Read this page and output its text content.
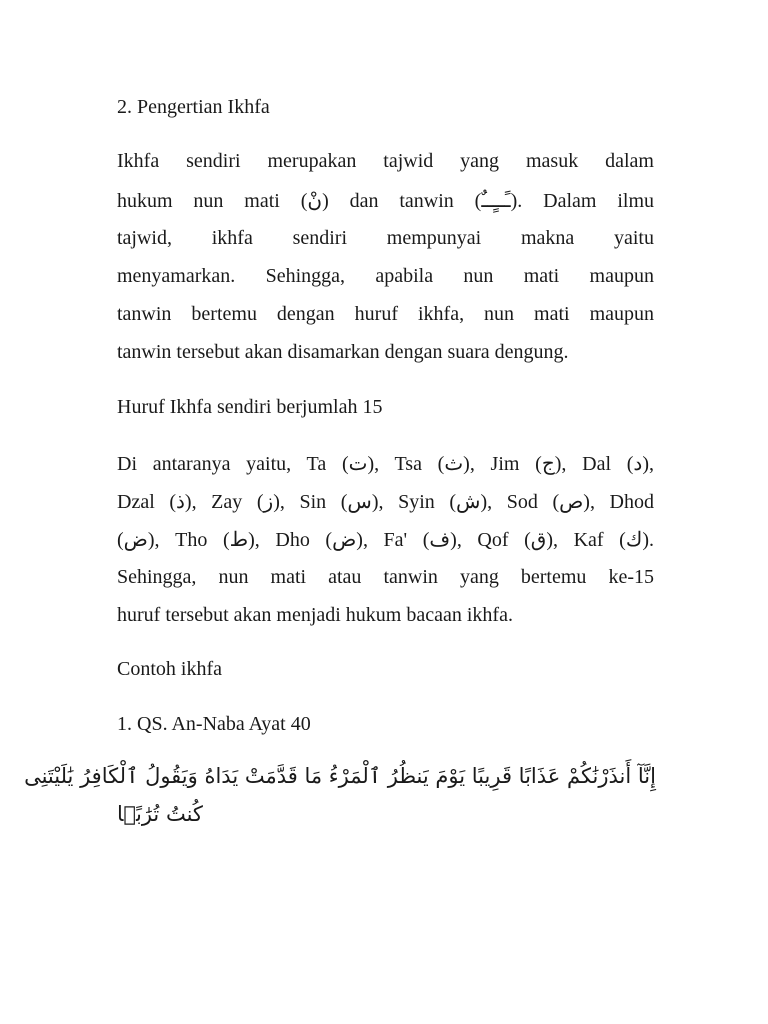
2. Pengertian Ikhfa
Ikhfa sendiri merupakan tajwid yang masuk dalam
hukum nun mati (نْ) dan tanwin (ـًــٍــٌ). Dalam ilmu
tajwid, ikhfa sendiri mempunyai makna yaitu
menyamarkan. Sehingga, apabila nun mati maupun
tanwin bertemu dengan huruf ikhfa, nun mati maupun
tanwin tersebut akan disamarkan dengan suara dengung.
Huruf Ikhfa sendiri berjumlah 15
Di antaranya yaitu, Ta (ت), Tsa (ث), Jim (ج), Dal (د),
Dzal (ذ), Zay (ز), Sin (س), Syin (ش), Sod (ص), Dhod
(ض), Tho (ط), Dho (ض), Fa' (ف), Qof (ق), Kaf (ك).
Sehingga, nun mati atau tanwin yang bertemu ke-15
huruf tersebut akan menjadi hukum bacaan ikhfa.
Contoh ikhfa
1. QS. An-Naba Ayat 40
إِنَّآ أَنذَرْنَٰكُمْ عَذَابًا قَرِيبًا يَوْمَ يَنظُرُ ٱلْمَرْءُ مَا قَدَّمَتْ يَدَاهُ وَيَقُولُ ٱلْكَافِرُ يَٰلَيْتَنِى
كُنتُ تُرَٰبًۢا
